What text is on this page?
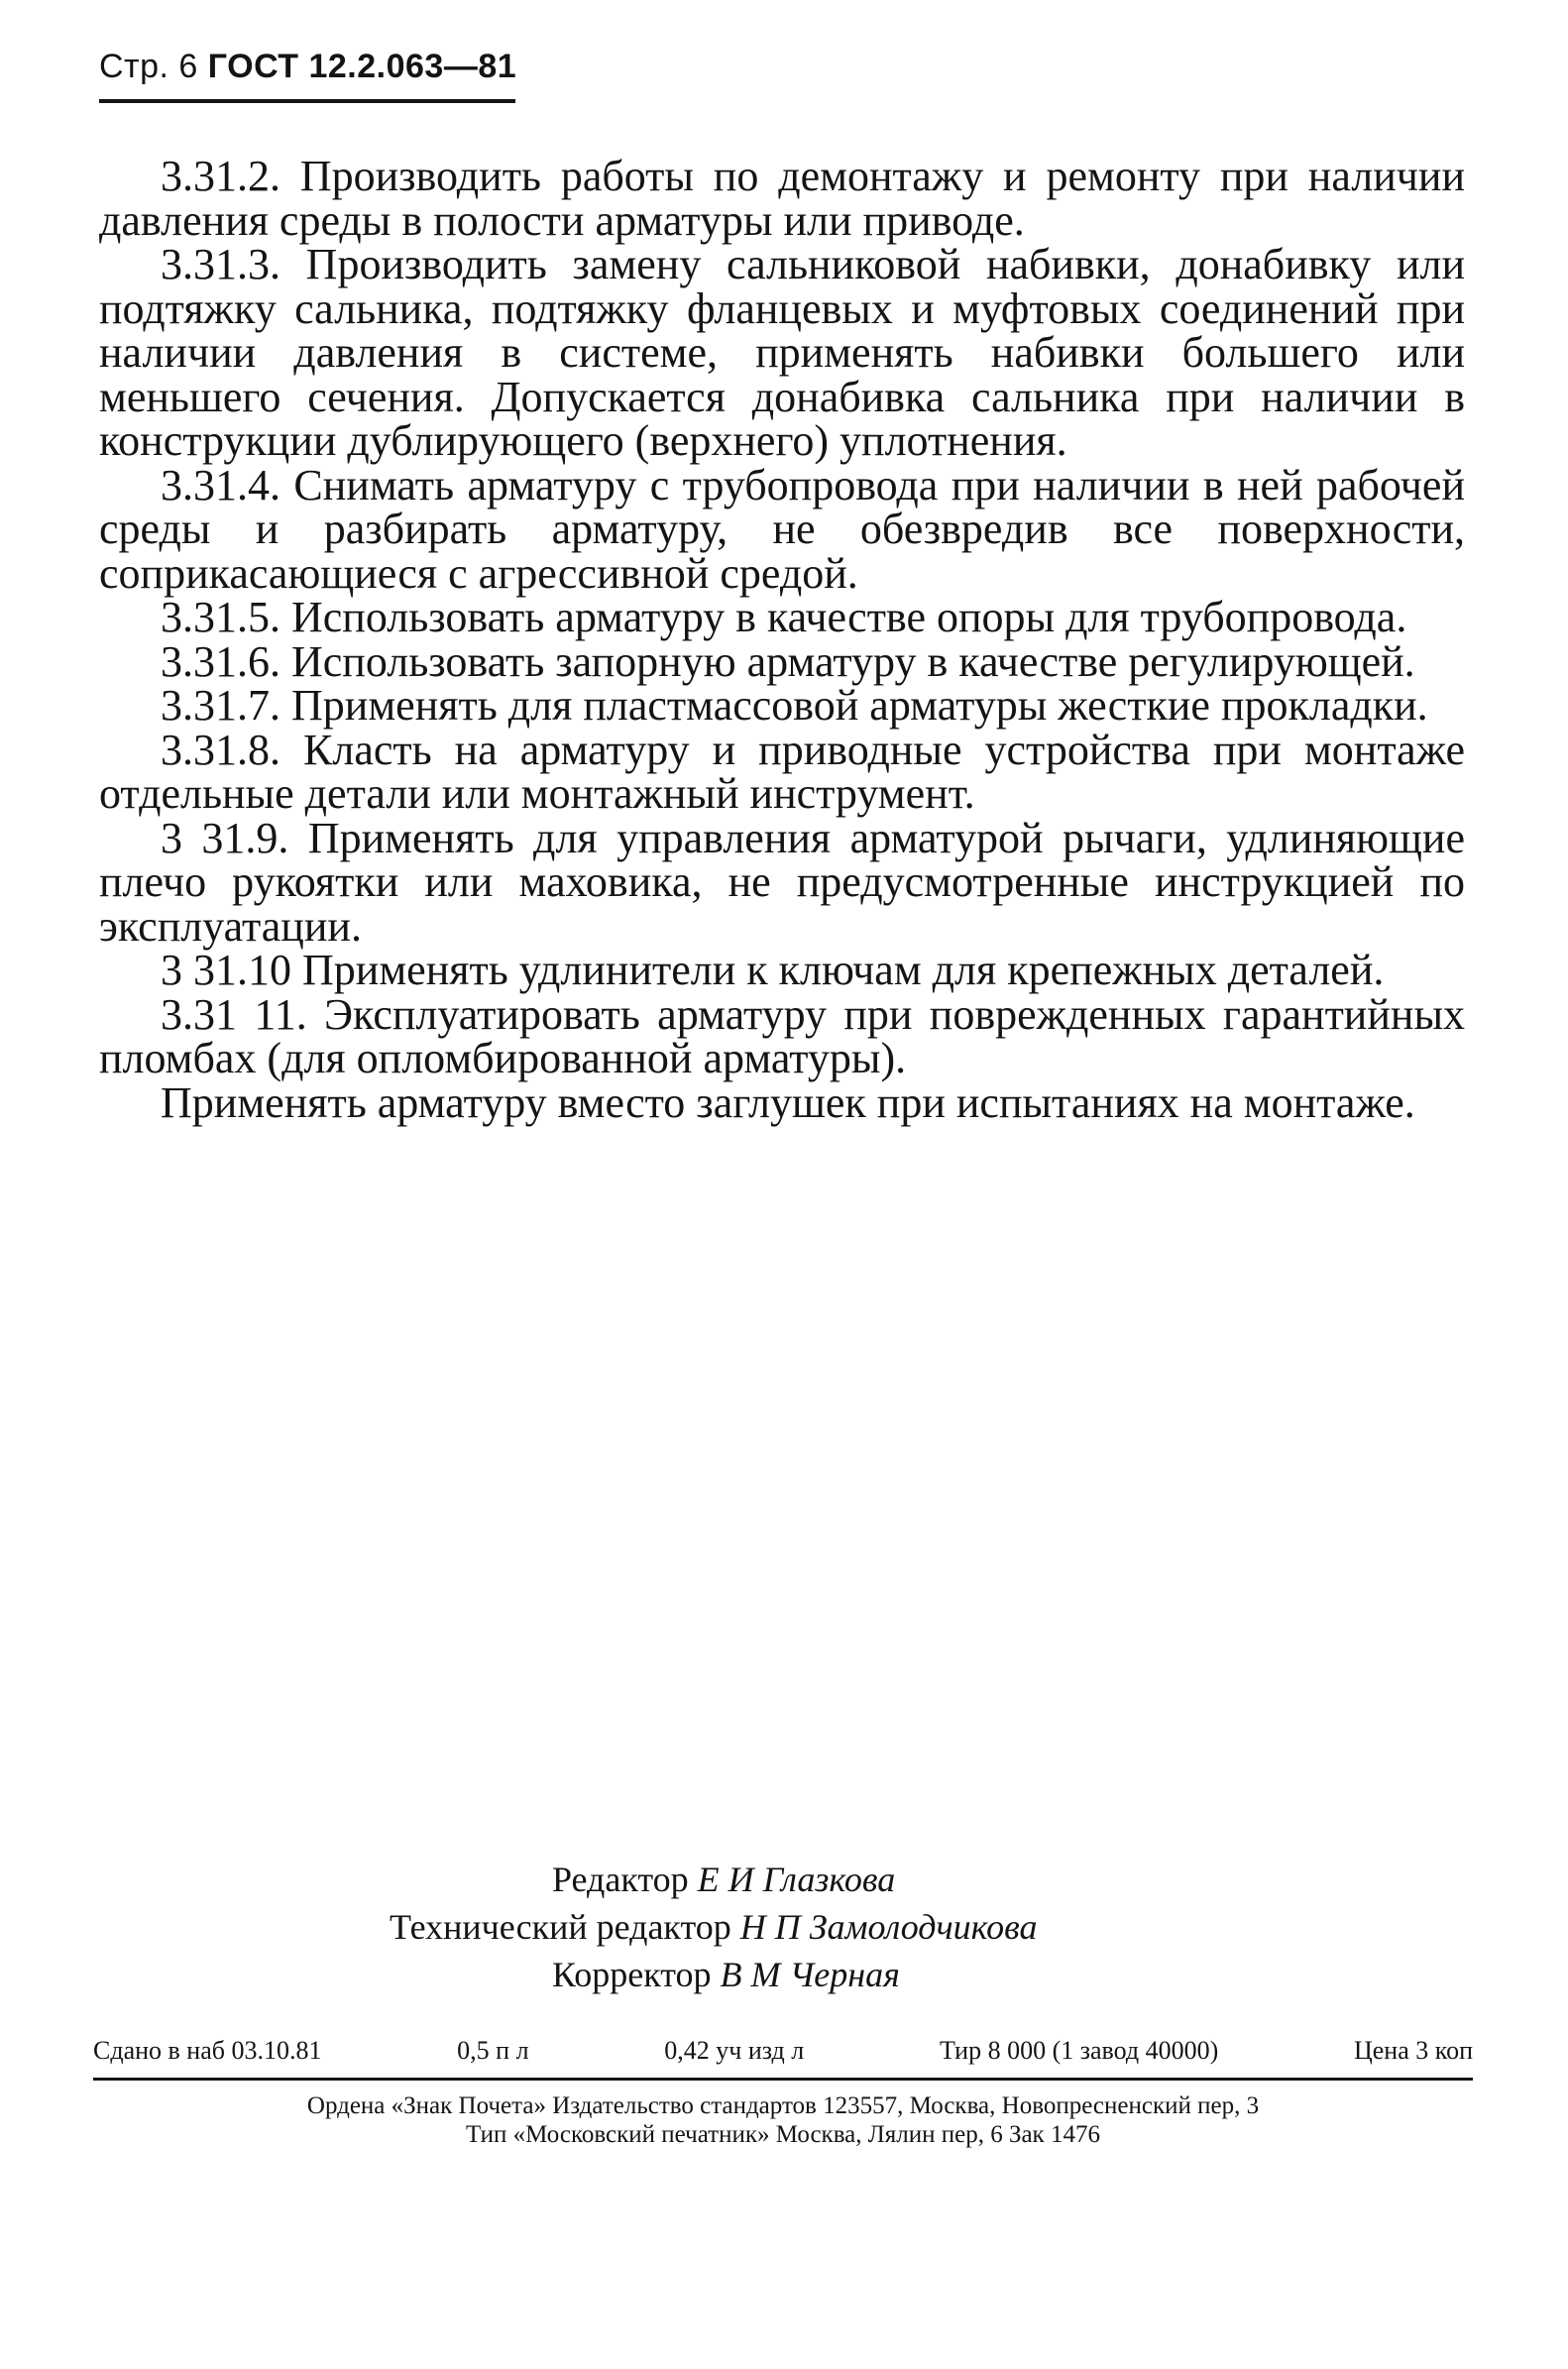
Стр. 6 ГОСТ 12.2.063—81

3.31.2. Производить работы по демонтажу и ремонту при наличии давления среды в полости арматуры или приводе.

3.31.3. Производить замену сальниковой набивки, донабивку или подтяжку сальника, подтяжку фланцевых и муфтовых соединений при наличии давления в системе, применять набивки большего или меньшего сечения. Допускается донабивка сальника при наличии в конструкции дублирующего (верхнего) уплотнения.

3.31.4. Снимать арматуру с трубопровода при наличии в ней рабочей среды и разбирать арматуру, не обезвредив все поверхности, соприкасающиеся с агрессивной средой.

3.31.5. Использовать арматуру в качестве опоры для трубопровода.

3.31.6. Использовать запорную арматуру в качестве регулирующей.

3.31.7. Применять для пластмассовой арматуры жесткие прокладки.

3.31.8. Класть на арматуру и приводные устройства при монтаже отдельные детали или монтажный инструмент.

3 31.9. Применять для управления арматурой рычаги, удлиняющие плечо рукоятки или маховика, не предусмотренные инструкцией по эксплуатации.

3 31.10 Применять удлинители к ключам для крепежных деталей.

3.31 11. Эксплуатировать арматуру при поврежденных гарантийных пломбах (для опломбированной арматуры).

Применять арматуру вместо заглушек при испытаниях на монтаже.

Редактор Е И Глазкова
Технический редактор Н П Замолодчикова
Корректор В М Черная
Сдано в наб 03.10.81	0,5 п л	0,42 уч изд л	Тир 8 000 (1 завод 40000)	Цена 3 коп
Ордена «Знак Почета» Издательство стандартов 123557, Москва, Новопресненский пер, 3
Тип «Московский печатник» Москва, Лялин пер, 6 Зак 1476
